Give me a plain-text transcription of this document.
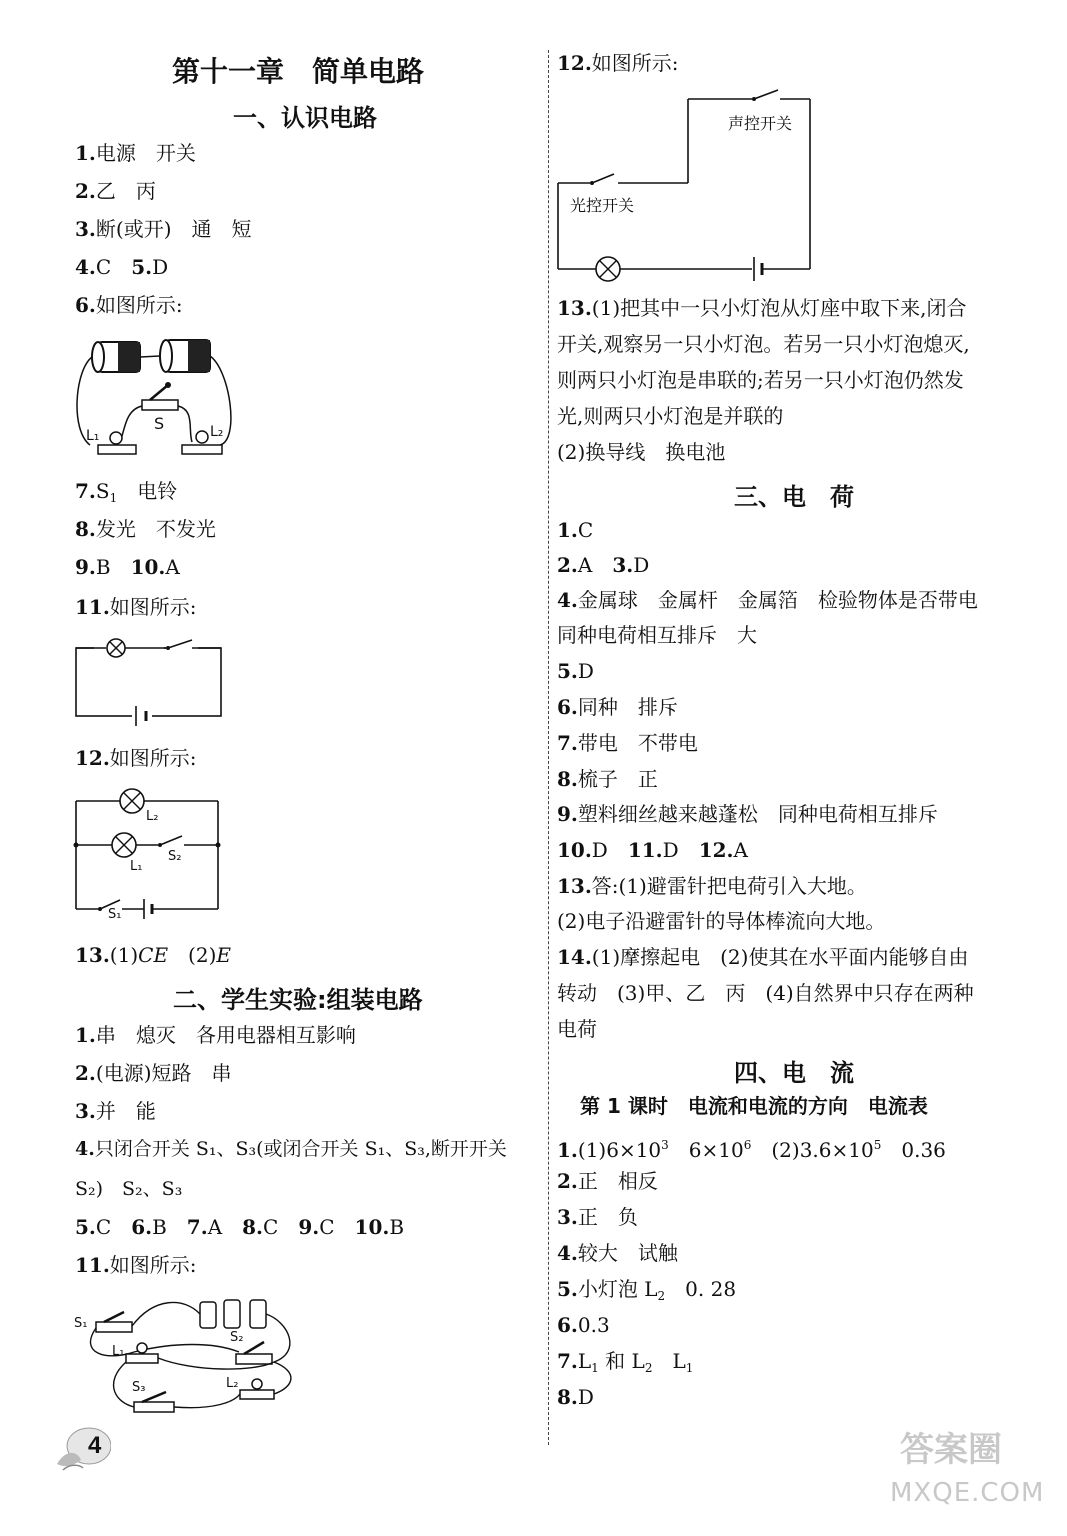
第十一章　简单电路
一、认识电路
1.电源　开关
2.乙　丙
3.断(或开)　通　短
4.C　5.D
6.如图所示:
S
L₁	L₂
$7.S_1$　电铃
8.发光　不发光
9.B　10.A
11.如图所示:
12.如图所示:
L₂
L₁
S₂
S₁
13.(1)CE　(2)E
二、学生实验:组装电路
1.串　熄灭　各用电器相互影响
2.(电源)短路　串
3.并　能
4.只闭合开关 S₁、S₃(或闭合开关 S₁、S₃,断开开关
S₂)　S₂、S₃
5.C　6.B　7.A　8.C　9.C　10.B
11.如图所示:
S₁
S₂
L₁
L₂
S₃
4
12.如图所示:
声控开关
光控开关
13.(1)把其中一只小灯泡从灯座中取下来,闭合
开关,观察另一只小灯泡。若另一只小灯泡熄灭,
则两只小灯泡是串联的;若另一只小灯泡仍然发
光,则两只小灯泡是并联的
(2)换导线　换电池
三、电　荷
1.C
2.A　3.D
4.金属球　金属杆　金属箔　检验物体是否带电
同种电荷相互排斥　大
5.D
6.同种　排斥
7.带电　不带电
8.梳子　正
9.塑料细丝越来越蓬松　同种电荷相互排斥
10.D　11.D　12.A
13.答:(1)避雷针把电荷引入大地。
(2)电子沿避雷针的导体棒流向大地。
14.(1)摩擦起电　(2)使其在水平面内能够自由
转动　(3)甲、乙　丙　(4)自然界中只存在两种
电荷
四、电　流
第 1 课时　电流和电流的方向　电流表
$1.(1)6\times 10^3$　$6\times 10^6$　$(2)3.6\times 10^5$　0.36
2.正　相反
3.正　负
4.较大　试触
5.小灯泡 $L_2$　0. 28
6.0.3
$7.L_1$ 和 $L_2$　$L_1$
8.D
答案圈
MXQE.COM
